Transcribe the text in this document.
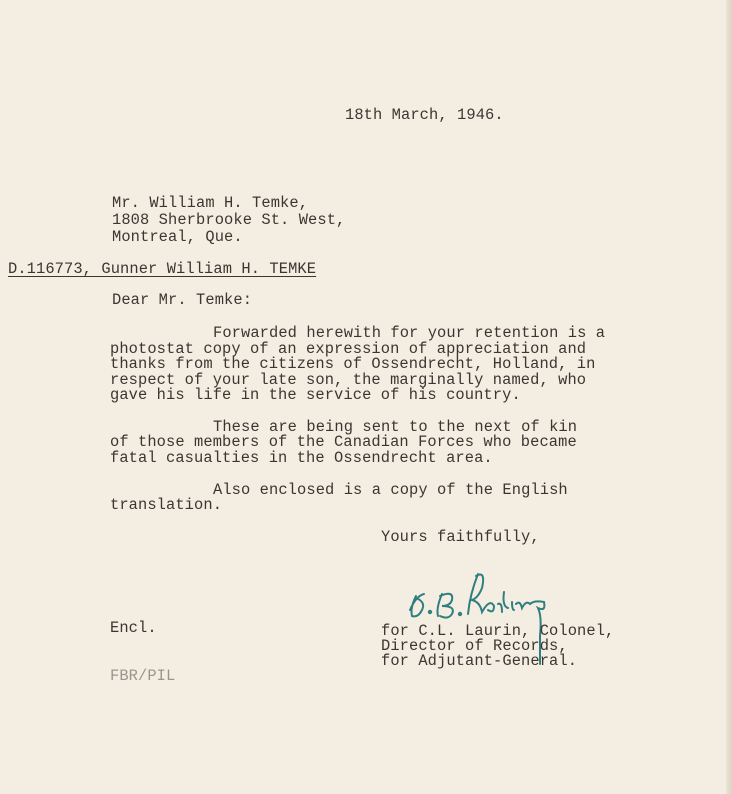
18th March, 1946.
Mr. William H. Temke,
1808 Sherbrooke St. West,
Montreal, Que.
D.116773, Gunner William H. TEMKE
Dear Mr. Temke:
Forwarded herewith for your retention is a
photostat copy of an expression of appreciation and
thanks from the citizens of Ossendrecht, Holland, in
respect of your late son, the marginally named, who
gave his life in the service of his country.
These are being sent to the next of kin
of those members of the Canadian Forces who became
fatal casualties in the Ossendrecht area.
Also enclosed is a copy of the English
translation.
Yours faithfully,
Encl.	for C.L. Laurin, Colonel,
Director of Records,
for Adjutant-General.
FBR/PIL
